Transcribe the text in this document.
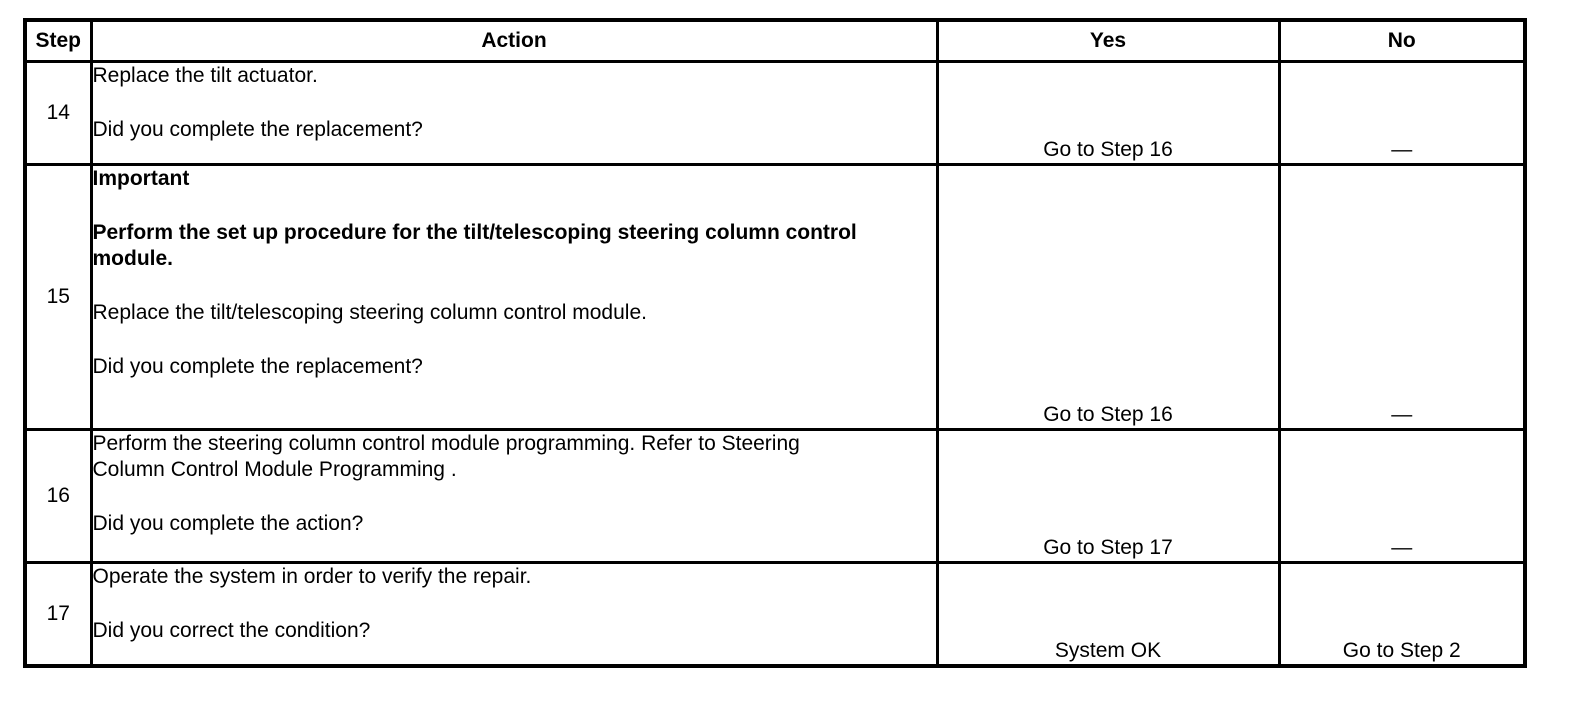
Step	Action	Yes	No
14	Replace the tilt actuator.

Did you complete the replacement?	Go to Step 16	—
15	Important

Perform the set up procedure for the tilt/telescoping steering column control module.

Replace the tilt/telescoping steering column control module.

Did you complete the replacement?	Go to Step 16	—
16	Perform the steering column control module programming. Refer to Steering Column Control Module Programming .

Did you complete the action?	Go to Step 17	—
17	Operate the system in order to verify the repair.

Did you correct the condition?	System OK	Go to Step 2
